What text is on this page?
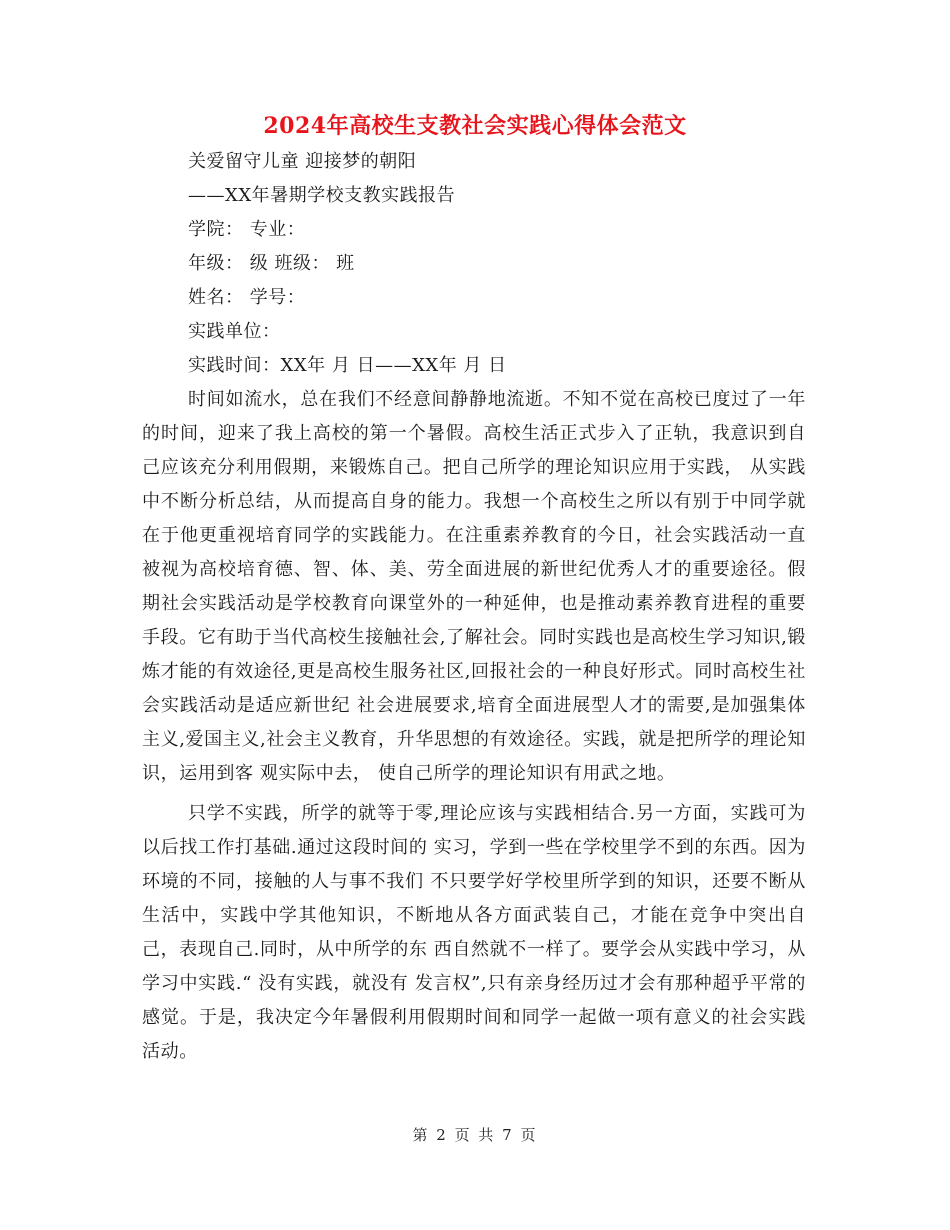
2024年高校生支教社会实践心得体会范文
关爱留守儿童 迎接梦的朝阳
——XX年暑期学校支教实践报告
学院： 专业：
年级： 级 班级： 班
姓名： 学号：
实践单位：
实践时间：XX年 月 日——XX年 月 日

时间如流水，总在我们不经意间静静地流逝。不知不觉在高校已度过了一年的时间，迎来了我上高校的第一个暑假。高校生活正式步入了正轨，我意识到自己应该充分利用假期，来锻炼自己。把自己所学的理论知识应用于实践， 从实践中不断分析总结，从而提高自身的能力。我想一个高校生之所以有别于中同学就在于他更重视培育同学的实践能力。在注重素养教育的今日，社会实践活动一直被视为高校培育德、智、体、美、劳全面进展的新世纪优秀人才的重要途径。假期社会实践活动是学校教育向课堂外的一种延伸，也是推动素养教育进程的重要手段。它有助于当代高校生接触社会,了解社会。同时实践也是高校生学习知识,锻炼才能的有效途径,更是高校生服务社区,回报社会的一种良好形式。同时高校生社会实践活动是适应新世纪 社会进展要求,培育全面进展型人才的需要,是加强集体主义,爱国主义,社会主义教育，升华思想的有效途径。实践，就是把所学的理论知识，运用到客 观实际中去， 使自己所学的理论知识有用武之地。

只学不实践，所学的就等于零,理论应该与实践相结合.另一方面，实践可为以后找工作打基础.通过这段时间的 实习，学到一些在学校里学不到的东西。因为环境的不同，接触的人与事不我们 不只要学好学校里所学到的知识，还要不断从生活中，实践中学其他知识，不断地从各方面武装自己，才能在竞争中突出自己，表现自己.同时，从中所学的东 西自然就不一样了。要学会从实践中学习，从学习中实践.“ 没有实践，就没有 发言权”,只有亲身经历过才会有那种超乎平常的感觉。于是，我决定今年暑假利用假期时间和同学一起做一项有意义的社会实践活动。

第 2 页 共 7 页
